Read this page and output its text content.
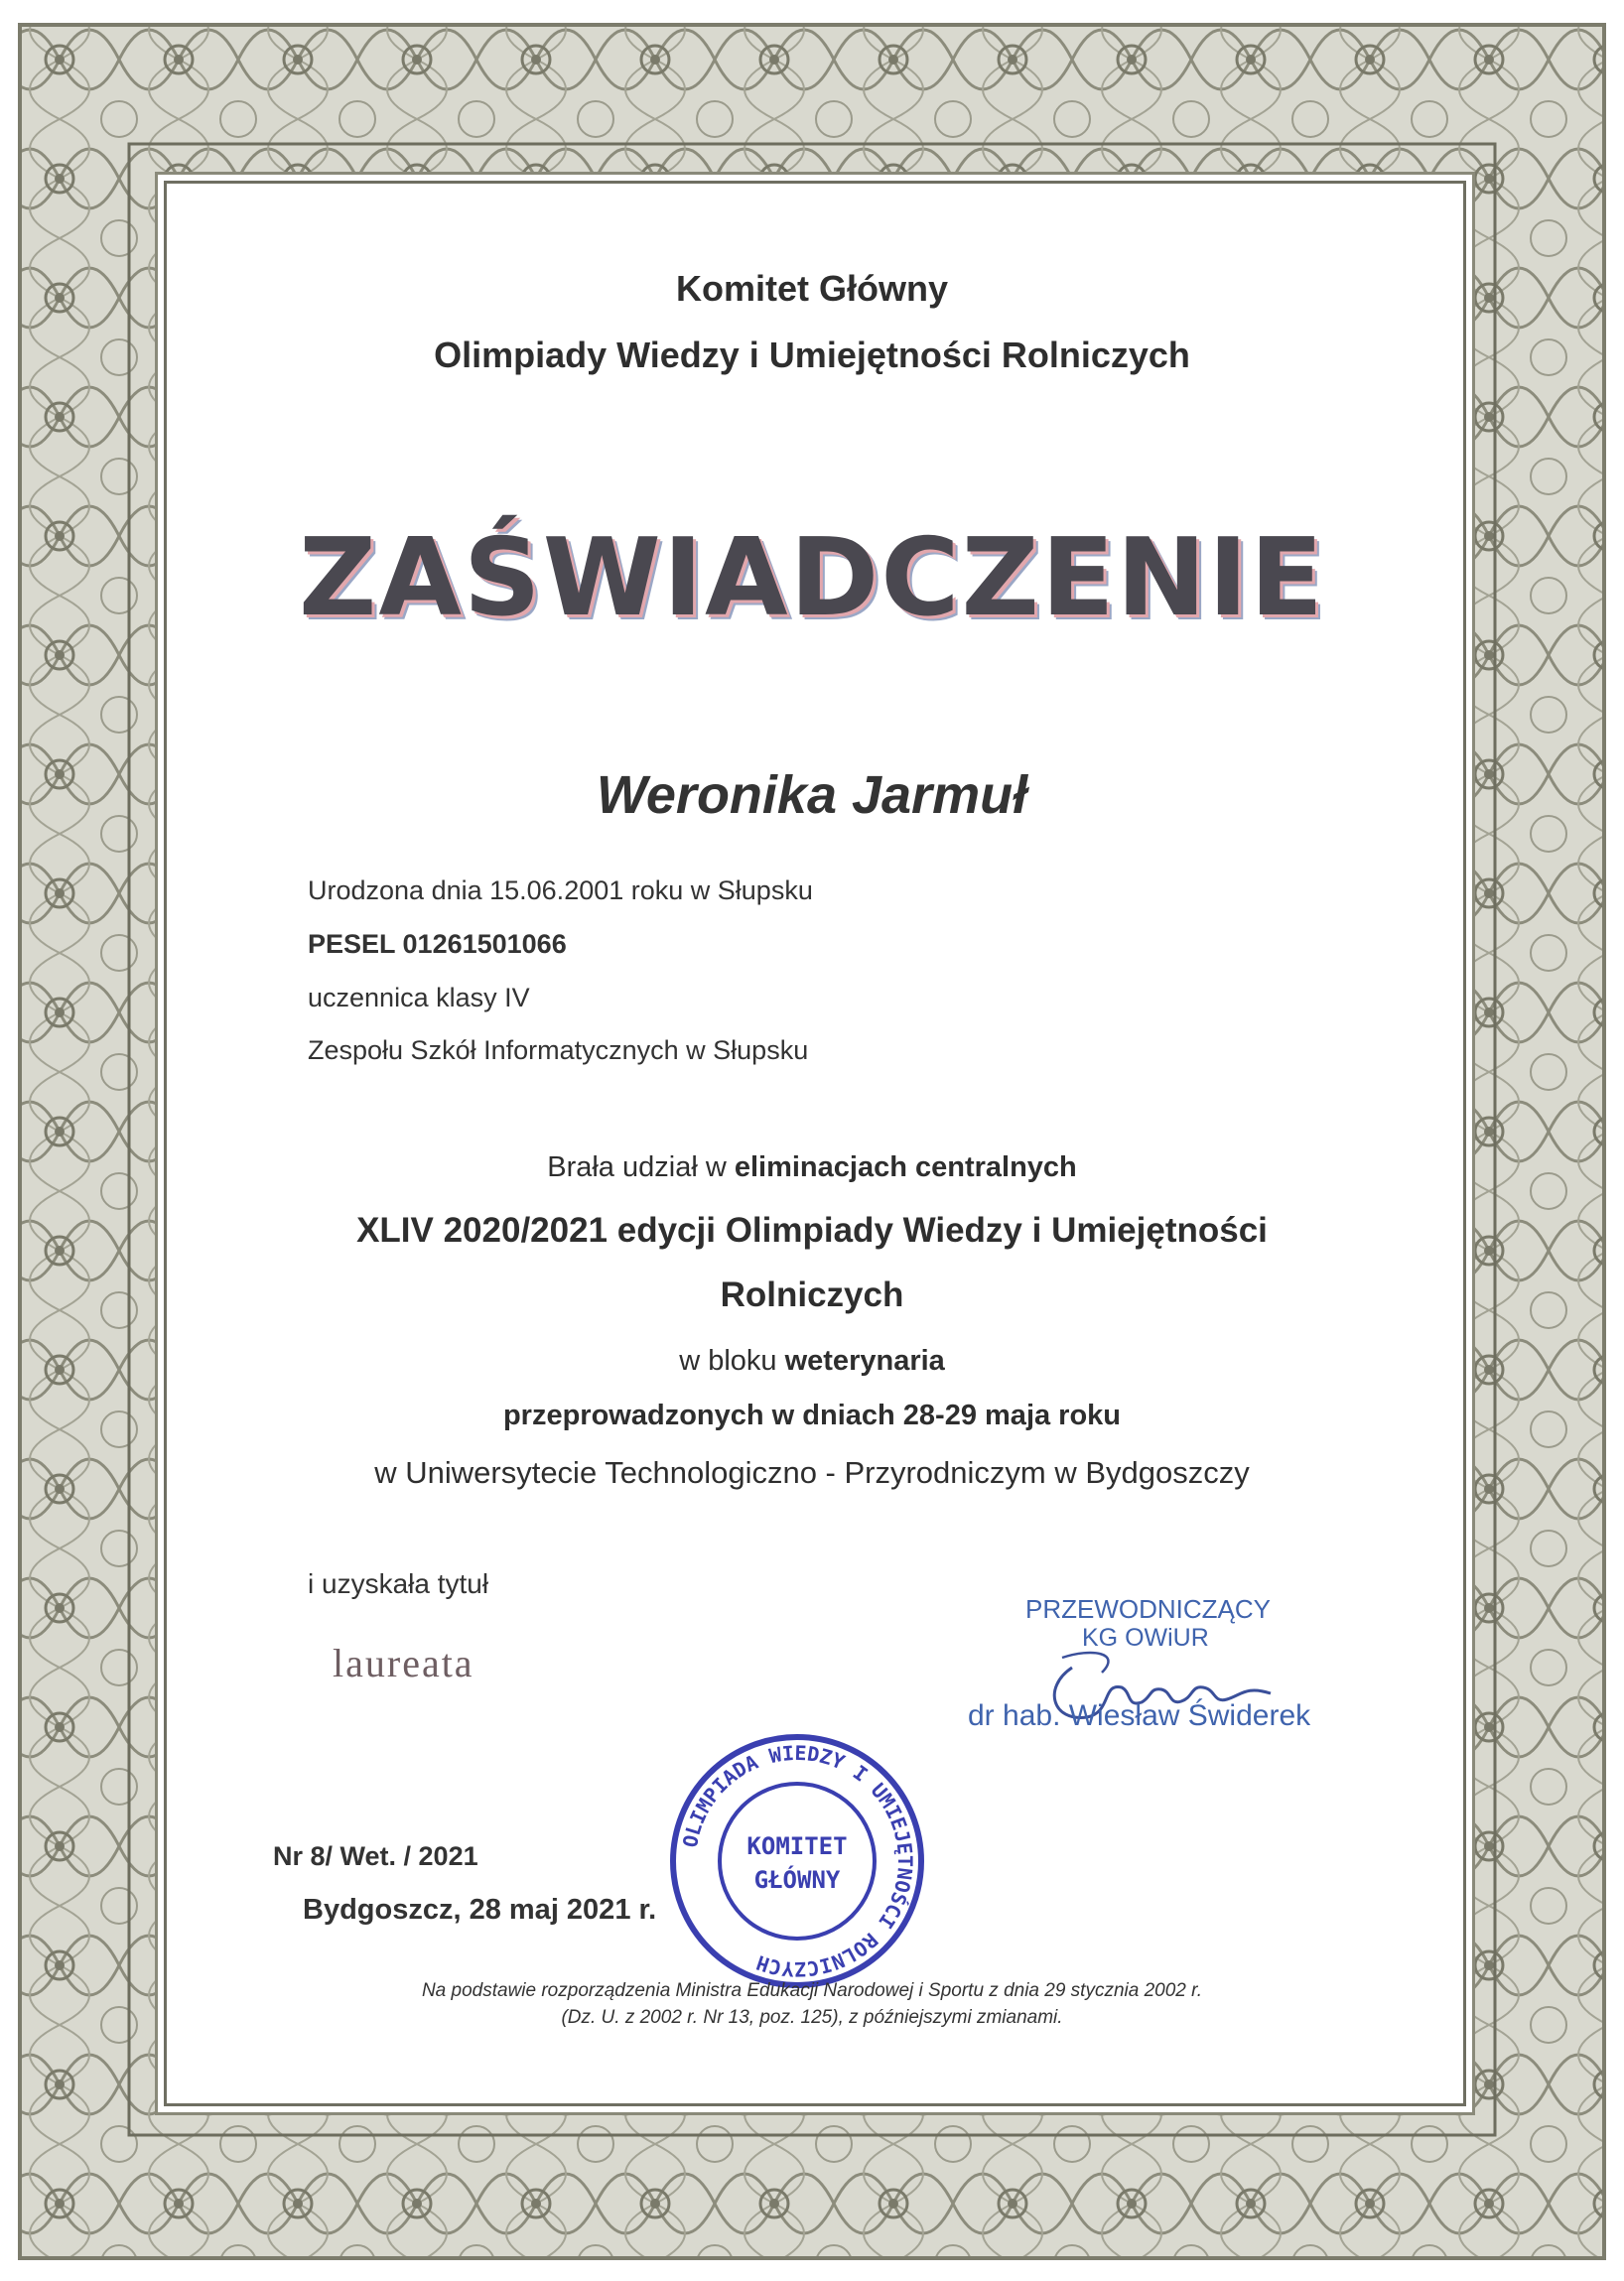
Komitet Główny
Olimpiady Wiedzy i Umiejętności Rolniczych
ZAŚWIADCZENIE
Weronika Jarmuł
Urodzona dnia 15.06.2001 roku w Słupsku
PESEL 01261501066
uczennica klasy IV
Zespołu Szkół Informatycznych w Słupsku
Brała udział w eliminacjach centralnych
XLIV 2020/2021 edycji Olimpiady Wiedzy i Umiejętności
Rolniczych
w bloku weterynaria
przeprowadzonych w dniach 28-29 maja roku
w Uniwersytecie Technologiczno - Przyrodniczym w Bydgoszczy
i uzyskała tytuł
laureata
PRZEWODNICZĄCY
KG OWiUR
dr hab. Wiesław Świderek
OLIMPIADA WIEDZY I UMIEJĘTNOŚCI ROLNICZYCH
KOMITET
GŁÓWNY
Nr 8/ Wet. / 2021
Bydgoszcz, 28 maj 2021 r.
Na podstawie rozporządzenia Ministra Edukacji Narodowej i Sportu z dnia 29 stycznia 2002 r.
(Dz. U. z 2002 r. Nr 13, poz. 125), z późniejszymi zmianami.
